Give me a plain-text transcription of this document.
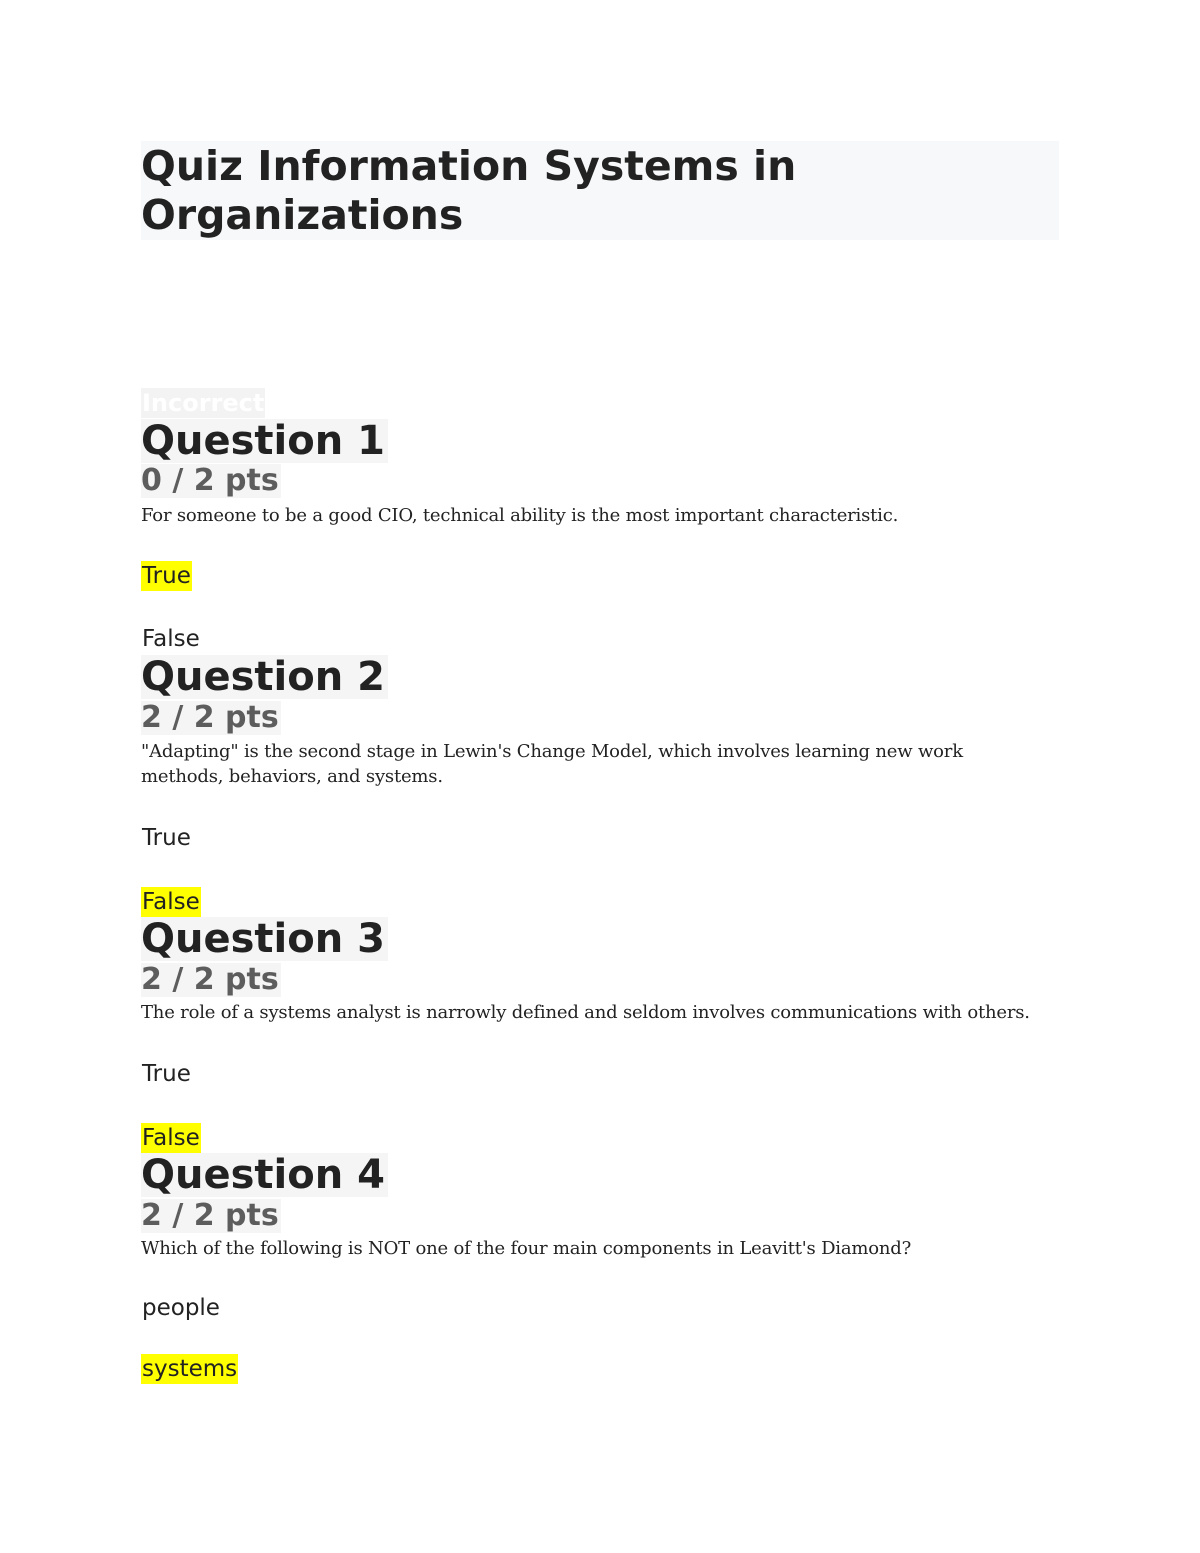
Quiz Information Systems in Organizations
Incorrect
Question 1
0 / 2 pts
For someone to be a good CIO, technical ability is the most important characteristic.
True
False
Question 2
2 / 2 pts
"Adapting" is the second stage in Lewin's Change Model, which involves learning new work methods, behaviors, and systems.
True
False
Question 3
2 / 2 pts
The role of a systems analyst is narrowly defined and seldom involves communications with others.
True
False
Question 4
2 / 2 pts
Which of the following is NOT one of the four main components in Leavitt's Diamond?
people
systems
